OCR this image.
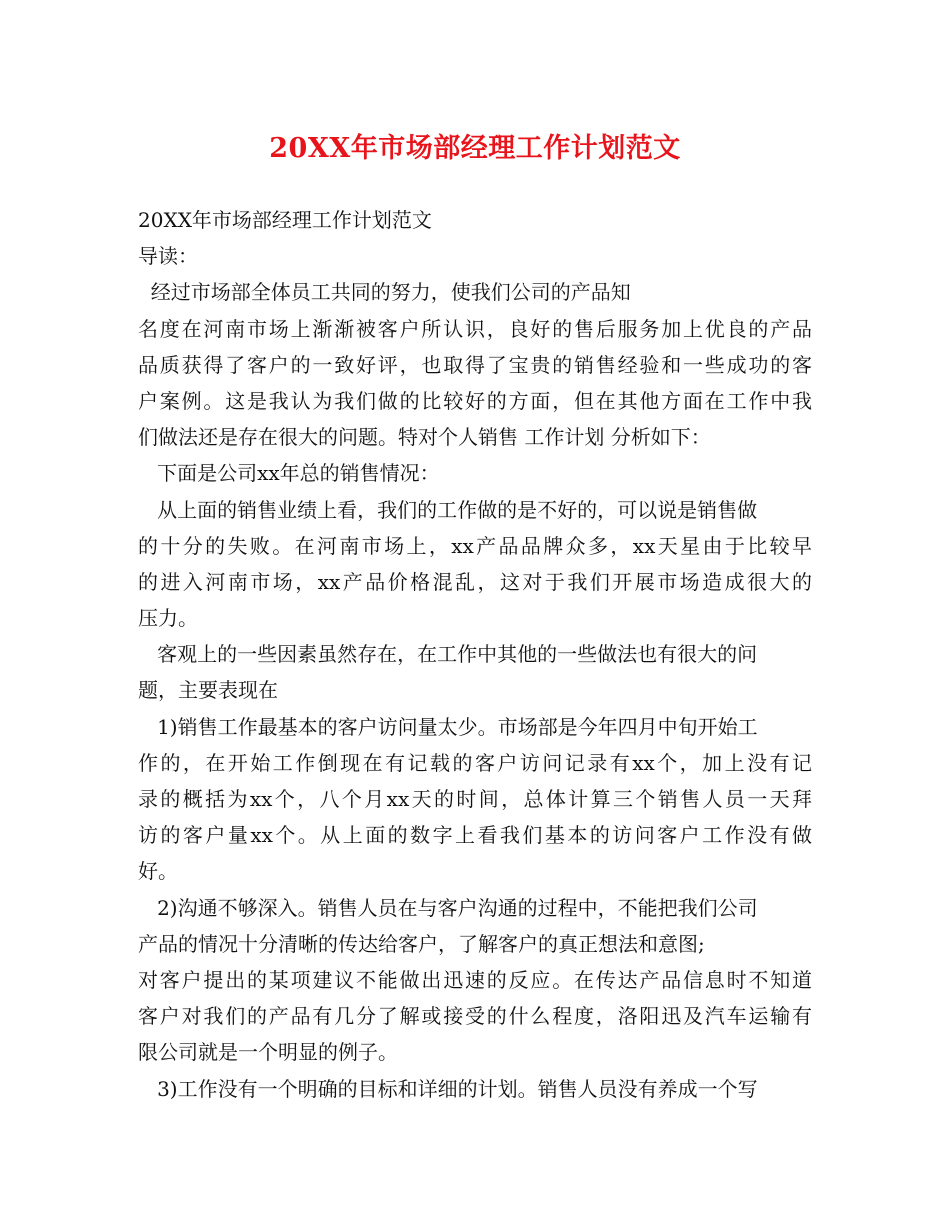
20XX年市场部经理工作计划范文
20XX年市场部经理工作计划范文
导读：
经过市场部全体员工共同的努力，使我们公司的产品知
名度在河南市场上渐渐被客户所认识，良好的售后服务加上优良的产品
品质获得了客户的一致好评，也取得了宝贵的销售经验和一些成功的客
户案例。这是我认为我们做的比较好的方面，但在其他方面在工作中我
们做法还是存在很大的问题。特对个人销售 工作计划 分析如下：
下面是公司xx年总的销售情况：
从上面的销售业绩上看，我们的工作做的是不好的，可以说是销售做
的十分的失败。在河南市场上，xx产品品牌众多，xx天星由于比较早
的进入河南市场，xx产品价格混乱，这对于我们开展市场造成很大的
压力。
客观上的一些因素虽然存在，在工作中其他的一些做法也有很大的问
题，主要表现在
1)销售工作最基本的客户访问量太少。市场部是今年四月中旬开始工
作的，在开始工作倒现在有记载的客户访问记录有xx个，加上没有记
录的概括为xx个，八个月xx天的时间，总体计算三个销售人员一天拜
访的客户量xx个。从上面的数字上看我们基本的访问客户工作没有做
好。
2)沟通不够深入。销售人员在与客户沟通的过程中，不能把我们公司
产品的情况十分清晰的传达给客户，了解客户的真正想法和意图;
对客户提出的某项建议不能做出迅速的反应。在传达产品信息时不知道
客户对我们的产品有几分了解或接受的什么程度，洛阳迅及汽车运输有
限公司就是一个明显的例子。
3)工作没有一个明确的目标和详细的计划。销售人员没有养成一个写
